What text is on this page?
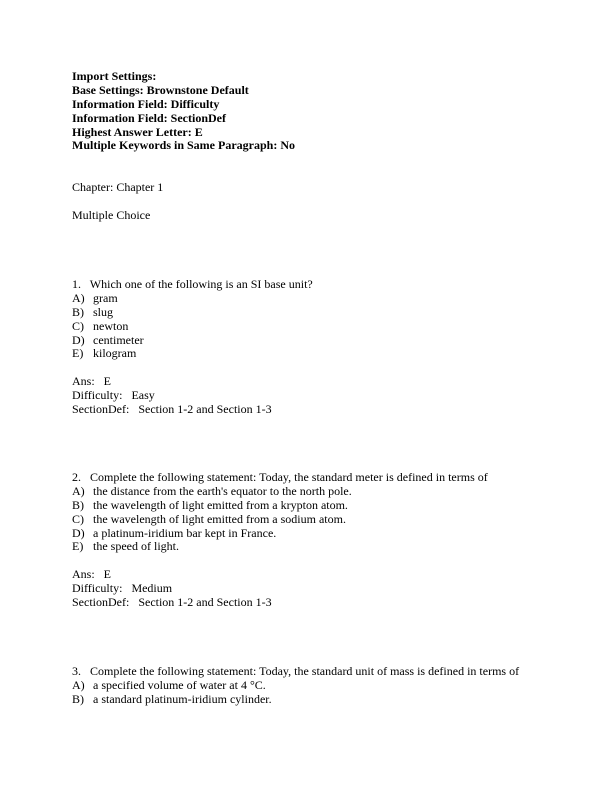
Import Settings:
Base Settings: Brownstone Default
Information Field: Difficulty
Information Field: SectionDef
Highest Answer Letter: E
Multiple Keywords in Same Paragraph: No
Chapter: Chapter 1
Multiple Choice
1.   Which one of the following is an SI base unit?
A) gram
B) slug
C) newton
D) centimeter
E) kilogram
Ans:   E
Difficulty:   Easy
SectionDef:   Section 1-2 and Section 1-3
2.   Complete the following statement: Today, the standard meter is defined in terms of
A) the distance from the earth's equator to the north pole.
B) the wavelength of light emitted from a krypton atom.
C) the wavelength of light emitted from a sodium atom.
D) a platinum-iridium bar kept in France.
E) the speed of light.
Ans:   E
Difficulty:   Medium
SectionDef:   Section 1-2 and Section 1-3
3.   Complete the following statement: Today, the standard unit of mass is defined in terms of
A) a specified volume of water at 4 °C.
B) a standard platinum-iridium cylinder.
